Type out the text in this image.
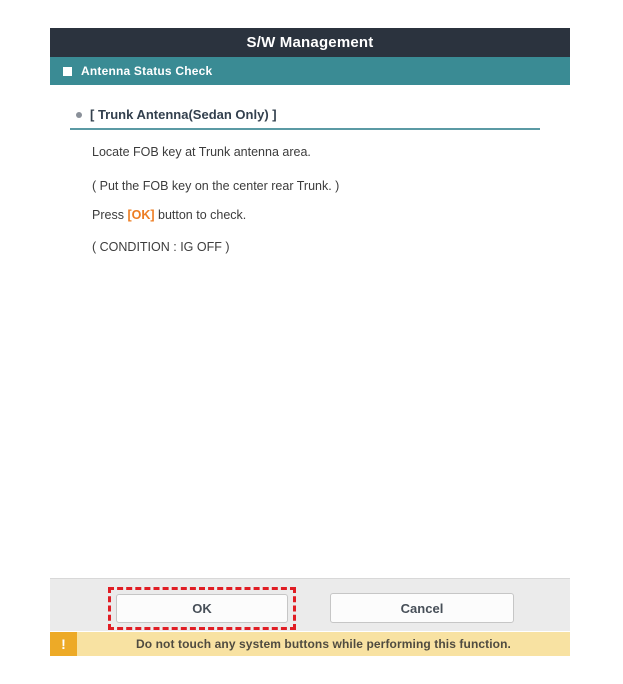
S/W Management
Antenna Status Check
[ Trunk Antenna(Sedan Only) ]
Locate FOB key at Trunk antenna area.
( Put the FOB key on the center rear Trunk. )
Press [OK] button to check.
( CONDITION : IG OFF )
OK	Cancel
!	Do not touch any system buttons while performing this function.
